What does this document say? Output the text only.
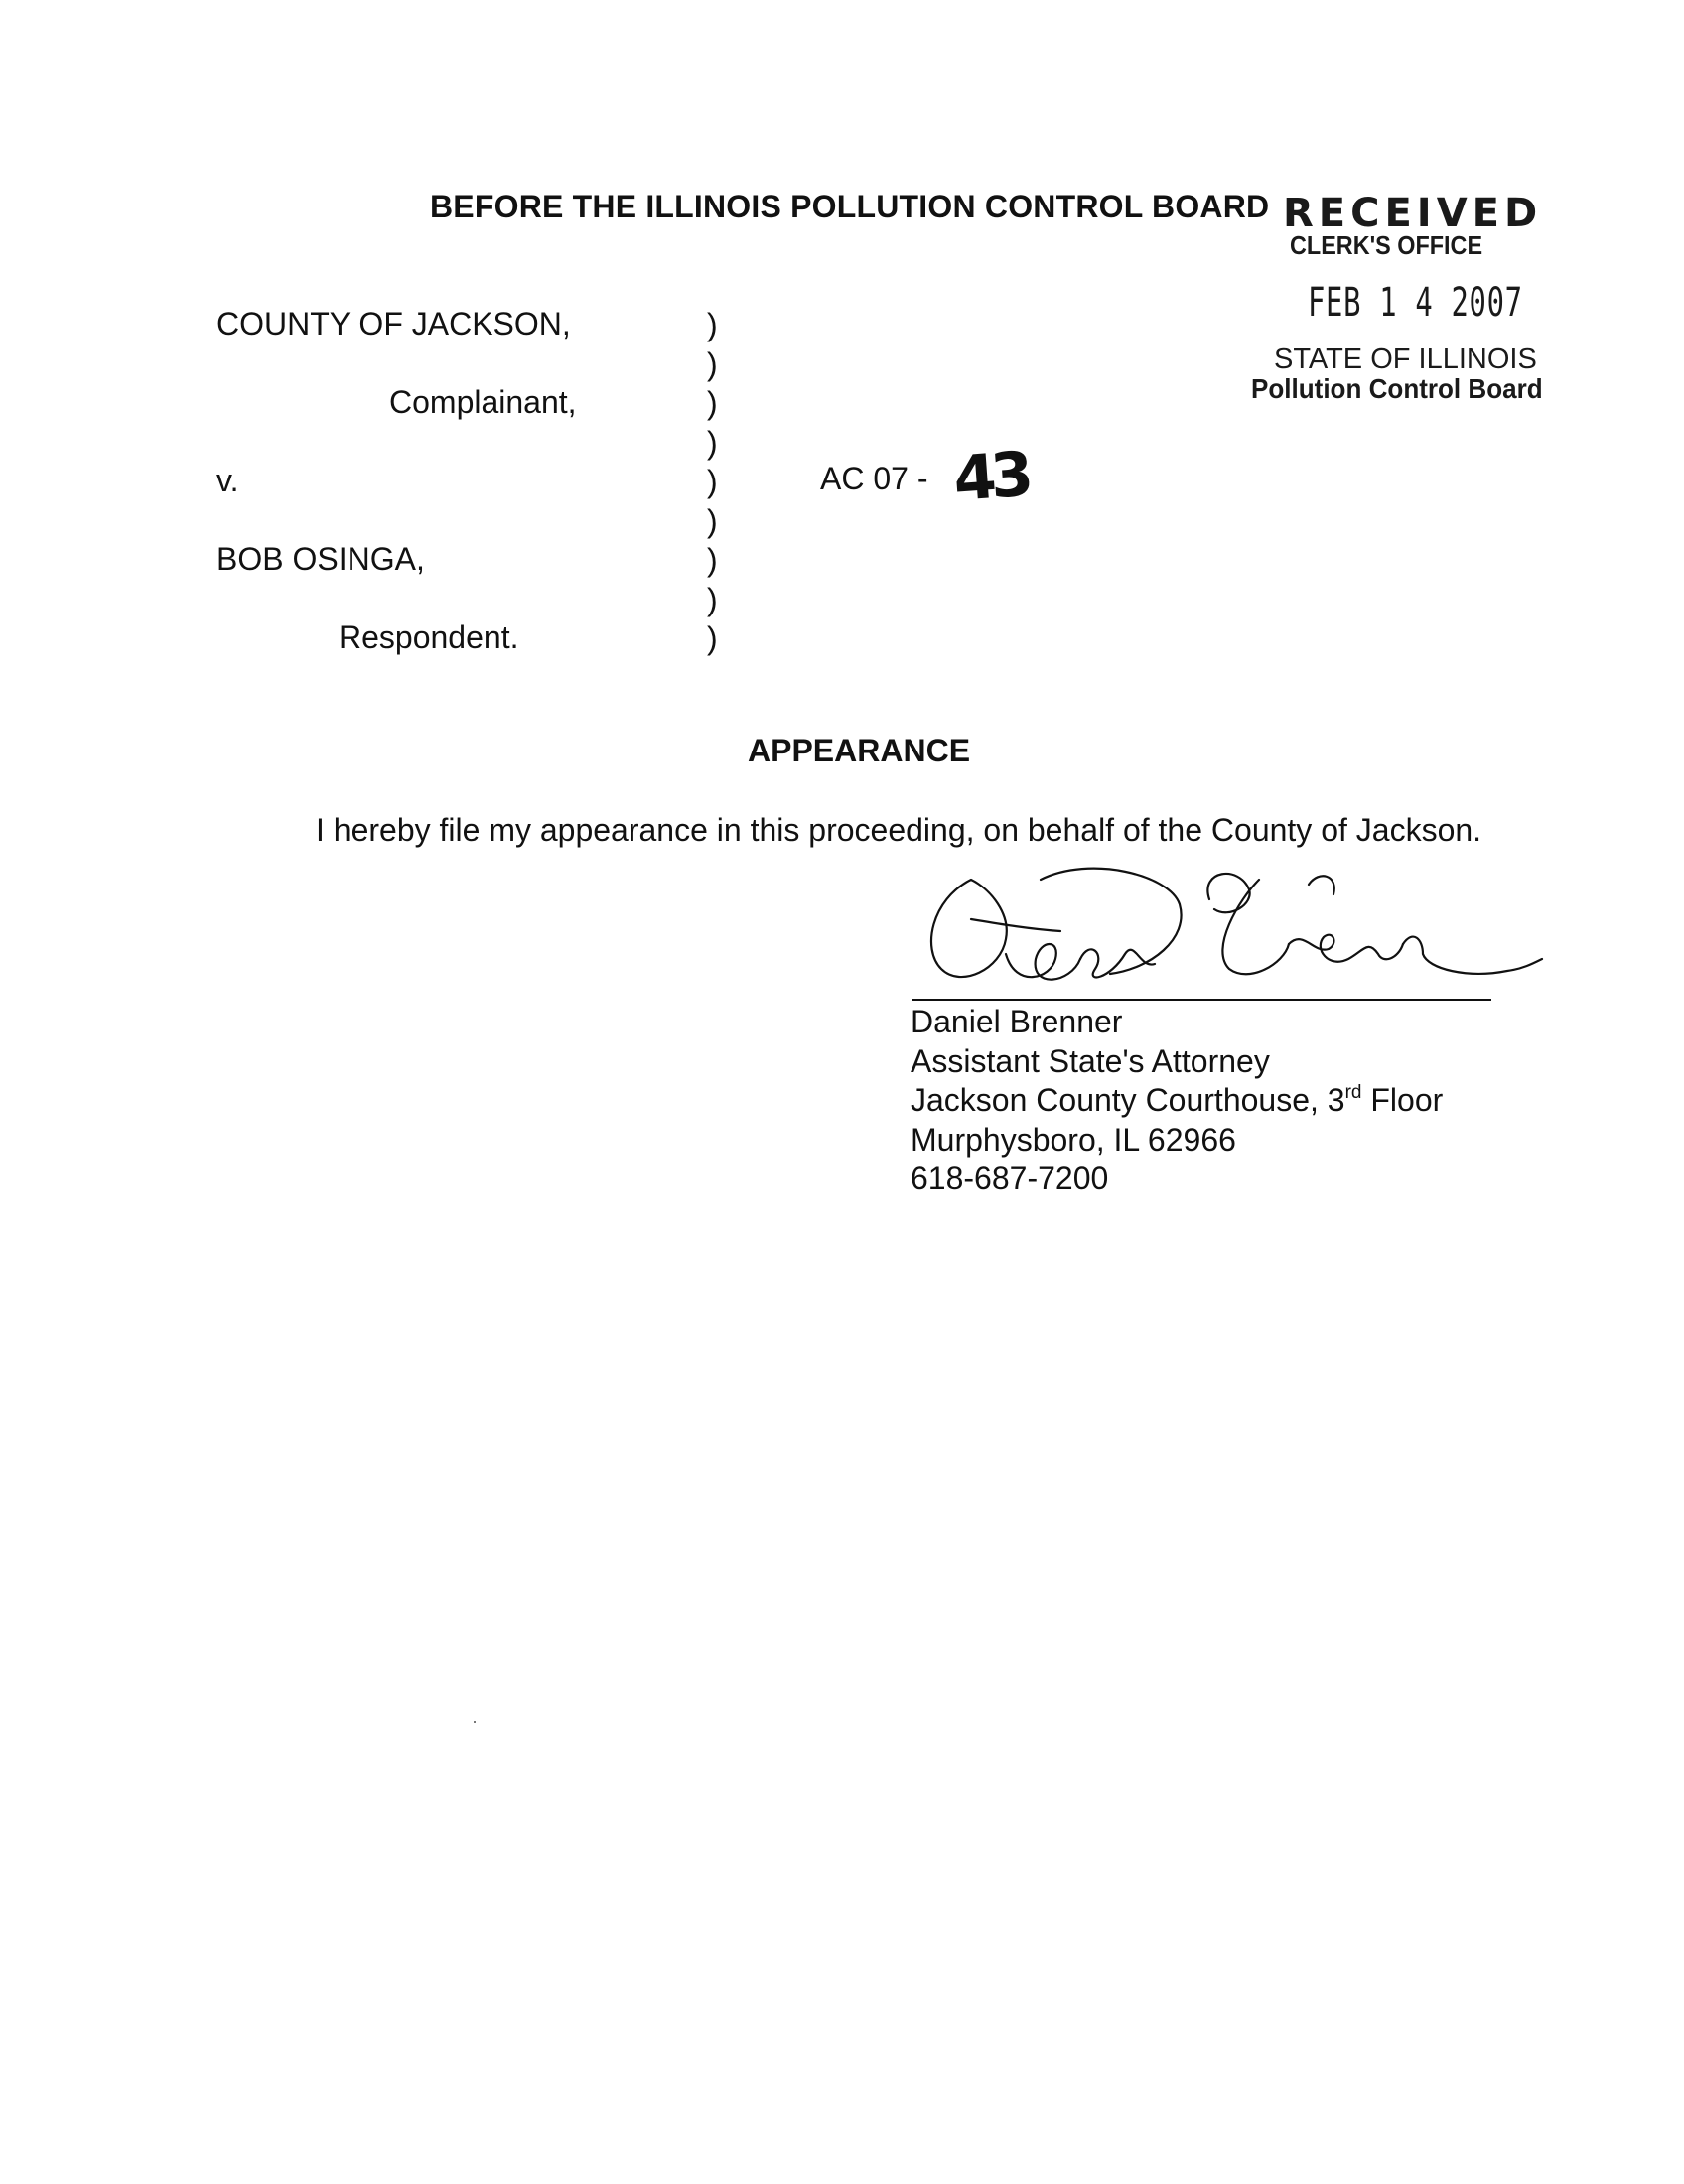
BEFORE THE ILLINOIS POLLUTION CONTROL BOARD RECEIVED
CLERK'S OFFICE
FEB 1 4 2007
STATE OF ILLINOIS
Pollution Control Board
COUNTY OF JACKSON,
Complainant,
v.
BOB OSINGA,
Respondent.
)
)
)
)
)
)
)
)
)
AC 07 - 43
APPEARANCE
I hereby file my appearance in this proceeding, on behalf of the County of Jackson.
Daniel Brenner
Assistant State's Attorney
Jackson County Courthouse, 3rd Floor
Murphysboro, IL 62966
618-687-7200
